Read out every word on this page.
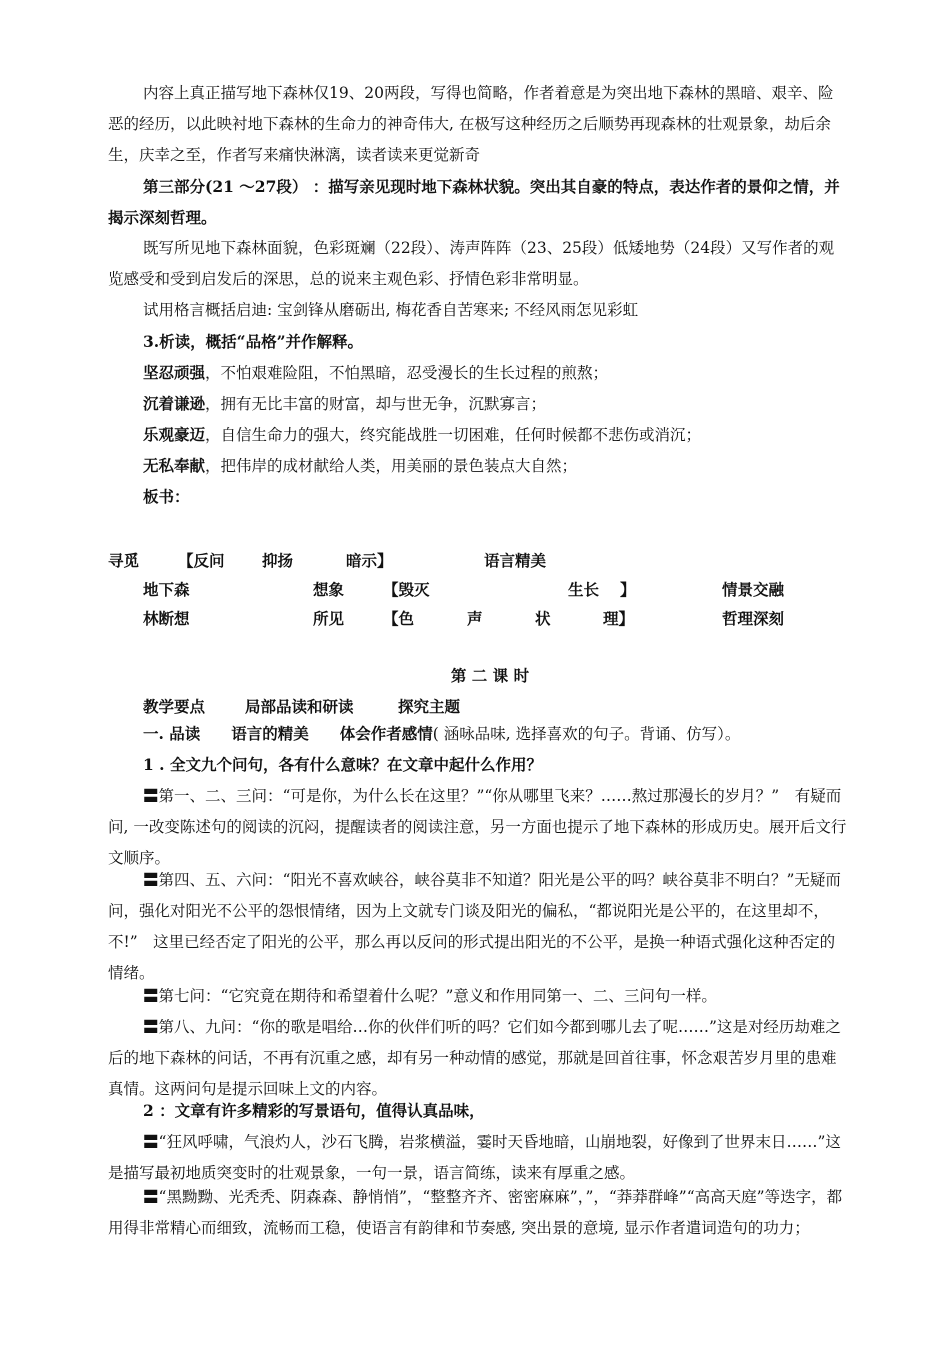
内容上真正描写地下森林仅19、20两段，写得也简略，作者着意是为突出地下森林的黑暗、艰辛、险恶的经历，以此映衬地下森林的生命力的神奇伟大, 在极写这种经历之后顺势再现森林的壮观景象，劫后余生，庆幸之至，作者写来痛快淋漓，读者读来更觉新奇

第三部分(21 ～27段） ：描写亲见现时地下森林状貌。突出其自豪的特点，表达作者的景仰之情，并揭示深刻哲理。

既写所见地下森林面貌，色彩斑斓（22段）、涛声阵阵（23、25段）低矮地势（24段）又写作者的观览感受和受到启发后的深思，总的说来主观色彩、抒情色彩非常明显。

试用格言概括启迪: 宝剑锋从磨砺出, 梅花香自苦寒来; 不经风雨怎见彩虹
3.析读，概括“品格”并作解释。
坚忍顽强，不怕艰难险阻，不怕黑暗，忍受漫长的生长过程的煎熬；
沉着谦逊，拥有无比丰富的财富，却与世无争，沉默寡言；
乐观豪迈，自信生命力的强大，终究能战胜一切困难，任何时候都不悲伤或消沉；
无私奉献，把伟岸的成材献给人类，用美丽的景色装点大自然；
板书：
寻觅	【反问 抑扬	暗示】	语言精美
地下森	想象	【毁灭	生长 】	情景交融
林断想	所见	【色	声	状	理】	哲理深刻
第 二 课 时
教学要点	局部品读和研读	探究主题
一. 品读　　语言的精美　　体会作者感情( 涵咏品味, 选择喜欢的句子。背诵、仿写）。
1 . 全文九个问句，各有什么意味？在文章中起什么作用？

〓第一、二、三问：“可是你，为什么长在这里？”“你从哪里飞来？……熬过那漫长的岁月？”　有疑而问, 一改变陈述句的阅读的沉闷，提醒读者的阅读注意，另一方面也提示了地下森林的形成历史。展开后文行文顺序。

〓第四、五、六问：“阳光不喜欢峡谷，峡谷莫非不知道？阳光是公平的吗？峡谷莫非不明白？”无疑而问，强化对阳光不公平的怨恨情绪，因为上文就专门谈及阳光的偏私，“都说阳光是公平的，在这里却不，不!”　这里已经否定了阳光的公平，那么再以反问的形式提出阳光的不公平，是换一种语式强化这种否定的情绪。

〓第七问：“它究竟在期待和希望着什么呢？”意义和作用同第一、二、三问句一样。

〓第八、九问：“你的歌是唱给…你的伙伴们听的吗？它们如今都到哪儿去了呢……”这是对经历劫难之后的地下森林的问话，不再有沉重之感，却有另一种动情的感觉，那就是回首往事，怀念艰苦岁月里的患难真情。这两问句是提示回味上文的内容。

2 ：文章有许多精彩的写景语句，值得认真品味，

〓“狂风呼啸，气浪灼人，沙石飞腾，岩浆横溢，霎时天昏地暗，山崩地裂，好像到了世界末日……”这是描写最初地质突变时的壮观景象，一句一景，语言简练，读来有厚重之感。

〓“黑黝黝、光秃秃、阴森森、静悄悄”，“整整齐齐、密密麻麻”，”，“莽莽群峰”“高高天庭”等迭字，都用得非常精心而细致，流畅而工稳，使语言有韵律和节奏感, 突出景的意境, 显示作者遣词造句的功力；
